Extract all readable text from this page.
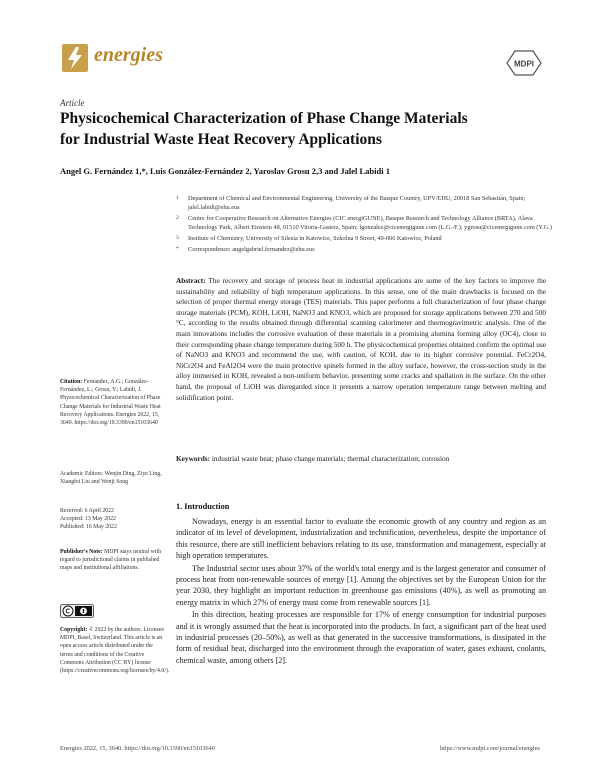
energies	MDPI
Article
Physicochemical Characterization of Phase Change Materials
for Industrial Waste Heat Recovery Applications
Angel G. Fernández 1,*, Luis González-Fernández 2, Yaroslav Grosu 2,3 and Jalel Labidi 1
1	Department of Chemical and Environmental Engineering, University of the Basque Country, UPV/EHU, 20018 San Sebastián, Spain; jalel.labidi@ehu.eus
2	Centre for Cooperative Research on Alternative Energies (CIC energiGUNE), Basque Research and Technology Alliance (BRTA), Alava Technology Park, Albert Einstein 48, 01510 Vitoria-Gasteiz, Spain; lgonzalez@cicenergigune.com (L.G.-F.); ygrosu@cicenergigune.com (Y.G.)
3	Institute of Chemistry, University of Silesia in Katowice, Szkolna 9 Street, 40-006 Katowice, Poland
*	Correspondence: angelgabriel.fernandez@ehu.eus
Abstract: The recovery and storage of process heat in industrial applications are some of the key factors to improve the sustainability and reliability of high temperature applications. In this sense, one of the main drawbacks is focused on the selection of proper thermal energy storage (TES) materials. This paper performs a full characterization of four phase change storage materials (PCM), KOH, LiOH, NaNO3 and KNO3, which are proposed for storage applications between 270 and 500 °C, according to the results obtained through differential scanning calorimeter and thermogravimetric analysis. One of the main innovations includes the corrosive evaluation of these materials in a promising alumina forming alloy (OC4), close to their corresponding phase change temperature during 500 h. The physicochemical properties obtained confirm the optimal use of NaNO3 and KNO3 and recommend the use, with caution, of KOH, due to its higher corrosive potential. FeCr2O4, NiCr2O4 and FeAl2O4 were the main protective spinels formed in the alloy surface, however, the cross-section study in the alloy immersed in KOH, revealed a non-uniform behavior, presenting some cracks and spallation in the surface. On the other hand, the proposal of LiOH was disregarded since it presents a narrow operation temperature range between melting and solidification point.
Keywords: industrial waste heat; phase change materials; thermal characterization; corrosion
Citation: Fernández, A.G.; González-Fernández, L.; Grosu, Y.; Labidi, J. Physicochemical Characterization of Phase Change Materials for Industrial Waste Heat Recovery Applications. Energies 2022, 15, 3640. https://doi.org/10.3390/en15103640
Academic Editors: Wenjin Ding, Ziye Ling, Xiangfei Liu and Wenji Song
Received: 6 April 2022
Accepted: 13 May 2022
Published: 16 May 2022
Publisher's Note: MDPI stays neutral with regard to jurisdictional claims in published maps and institutional affiliations.
Copyright: © 2022 by the authors. Licensee MDPI, Basel, Switzerland. This article is an open access article distributed under the terms and conditions of the Creative Commons Attribution (CC BY) license (https://creativecommons.org/licenses/by/4.0/).
1. Introduction

Nowadays, energy is an essential factor to evaluate the economic growth of any country and region as an indicator of its level of development, industrialization and technification, nevertheless, despite the importance of this resource, there are still inefficient behaviors relating to its use, transformation and management, especially at high operation temperatures.

The Industrial sector uses about 37% of the world's total energy and is the largest generator and consumer of process heat from non-renewable sources of energy [1]. Among the objectives set by the European Union for the year 2030, they highlight an important reduction in greenhouse gas emissions (40%), as well as promoting an energy matrix in which 27% of energy must come from renewable sources [1].

In this direction, heating processes are responsible for 17% of energy consumption for industrial purposes and it is wrongly assumed that the heat is incorporated into the products. In fact, a significant part of the heat used in industrial processes (20–50%), as well as that generated in the successive transformations, is dissipated in the form of residual heat, discharged into the environment through the evaporation of water, gases exhaust, coolants, chemical waste, among others [2].

Energies 2022, 15, 3640. https://doi.org/10.3390/en15103640	https://www.mdpi.com/journal/energies
